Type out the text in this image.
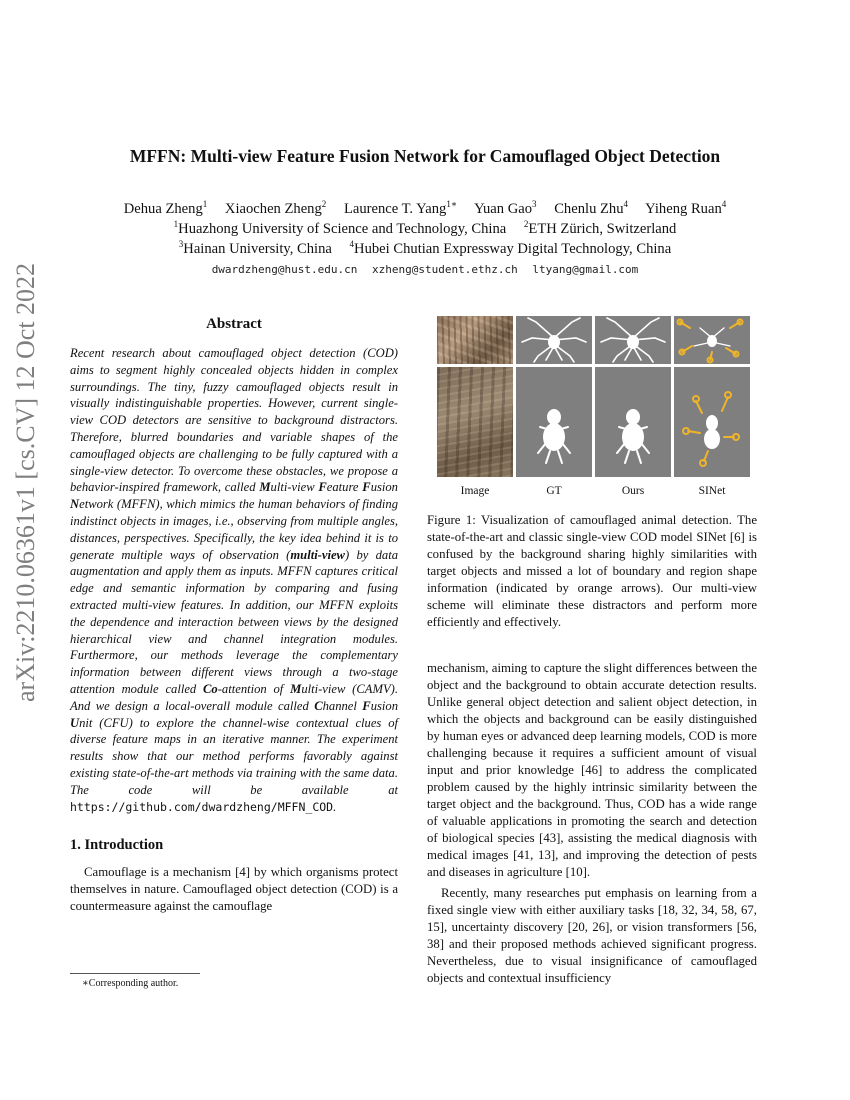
arXiv:2210.06361v1 [cs.CV] 12 Oct 2022
MFFN: Multi-view Feature Fusion Network for Camouflaged Object Detection
Dehua Zheng$^1$ Xiaochen Zheng$^2$ Laurence T. Yang$^{1∗}$ Yuan Gao$^3$ Chenlu Zhu$^4$ Yiheng Ruan$^4$
$^1$Huazhong University of Science and Technology, China $^2$ETH Zürich, Switzerland
$^3$Hainan University, China $^4$Hubei Chutian Expressway Digital Technology, China
dwardzheng@hust.edu.cn xzheng@student.ethz.ch ltyang@gmail.com
Abstract

Recent research about camouflaged object detection (COD) aims to segment highly concealed objects hidden in complex surroundings. The tiny, fuzzy camouflaged objects result in visually indistinguishable properties. However, current single-view COD detectors are sensitive to background distractors. Therefore, blurred boundaries and variable shapes of the camouflaged objects are challenging to be fully captured with a single-view detector. To overcome these obstacles, we propose a behavior-inspired framework, called Multi-view Feature Fusion Network (MFFN), which mimics the human behaviors of finding indistinct objects in images, i.e., observing from multiple angles, distances, perspectives. Specifically, the key idea behind it is to generate multiple ways of observation (multi-view) by data augmentation and apply them as inputs. MFFN captures critical edge and semantic information by comparing and fusing extracted multi-view features. In addition, our MFFN exploits the dependence and interaction between views by the designed hierarchical view and channel integration modules. Furthermore, our methods leverage the complementary information between different views through a two-stage attention module called Co-attention of Multi-view (CAMV). And we design a local-overall module called Channel Fusion Unit (CFU) to explore the channel-wise contextual clues of diverse feature maps in an iterative manner. The experiment results show that our method performs favorably against existing state-of-the-art methods via training with the same data. The code will be available at https://github.com/dwardzheng/MFFN_COD.

1. Introduction

Camouflage is a mechanism [4] by which organisms protect themselves in nature. Camouflaged object detection (COD) is a countermeasure against the camouflage

∗Corresponding author.
Image	GT	Ours	SINet

Figure 1: Visualization of camouflaged animal detection. The state-of-the-art and classic single-view COD model SINet [6] is confused by the background sharing highly similarities with target objects and missed a lot of boundary and region shape information (indicated by orange arrows). Our multi-view scheme will eliminate these distractors and perform more efficiently and effectively.

mechanism, aiming to capture the slight differences between the object and the background to obtain accurate detection results. Unlike general object detection and salient object detection, in which the objects and background can be easily distinguished by human eyes or advanced deep learning models, COD is more challenging because it requires a sufficient amount of visual input and prior knowledge [46] to address the complicated problem caused by the highly intrinsic similarity between the target object and the background. Thus, COD has a wide range of valuable applications in promoting the search and detection of biological species [43], assisting the medical diagnosis with medical images [41, 13], and improving the detection of pests and diseases in agriculture [10].

Recently, many researches put emphasis on learning from a fixed single view with either auxiliary tasks [18, 32, 34, 58, 67, 15], uncertainty discovery [20, 26], or vision transformers [56, 38] and their proposed methods achieved significant progress. Nevertheless, due to visual insignificance of camouflaged objects and contextual insufficiency
